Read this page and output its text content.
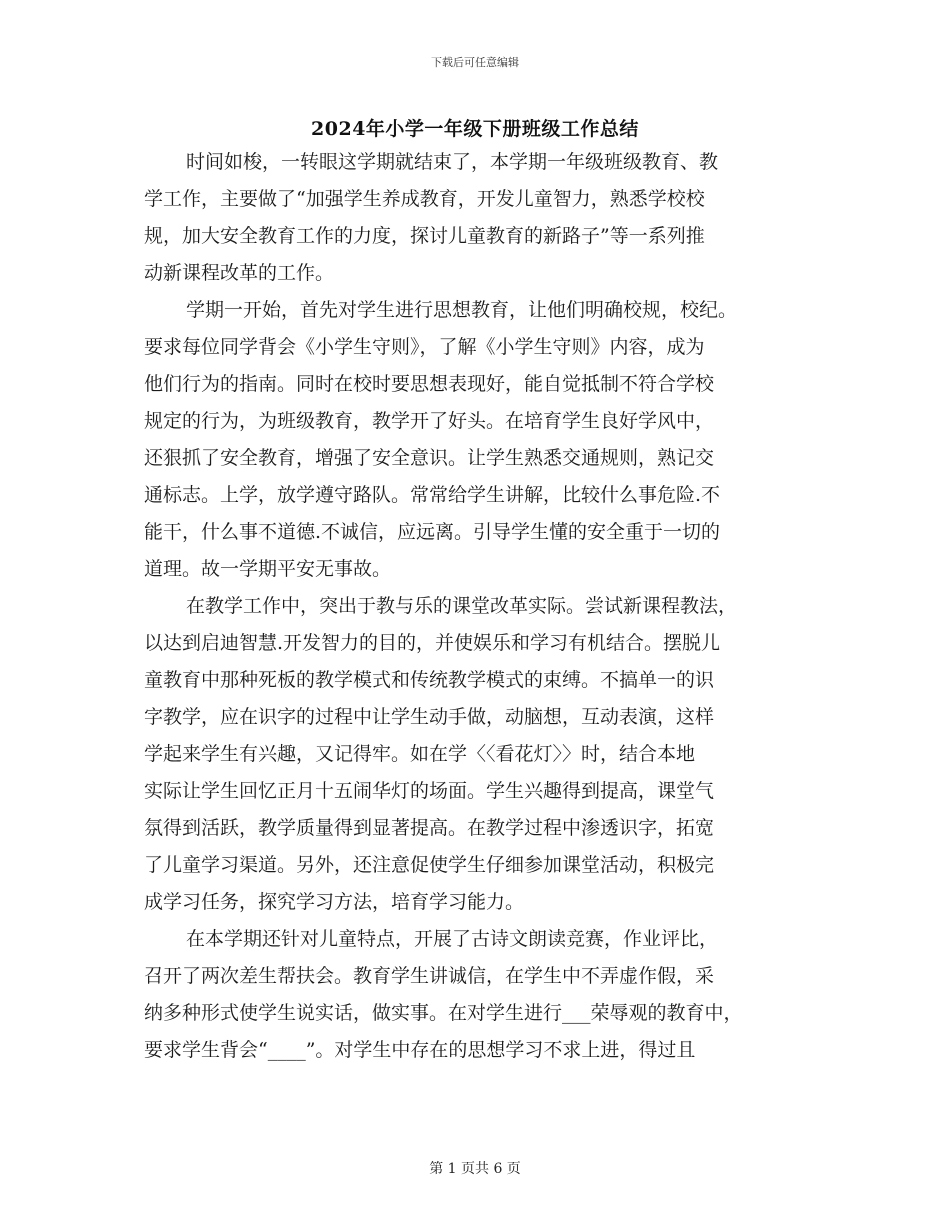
下载后可任意编辑
2024年小学一年级下册班级工作总结
时间如梭，一转眼这学期就结束了，本学期一年级班级教育、教
学工作，主要做了“加强学生养成教育，开发儿童智力，熟悉学校校
规，加大安全教育工作的力度，探讨儿童教育的新路子”等一系列推
动新课程改革的工作。
学期一开始，首先对学生进行思想教育，让他们明确校规，校纪。
要求每位同学背会《小学生守则》，了解《小学生守则》内容，成为
他们行为的指南。同时在校时要思想表现好，能自觉抵制不符合学校
规定的行为，为班级教育，教学开了好头。在培育学生良好学风中，
还狠抓了安全教育，增强了安全意识。让学生熟悉交通规则，熟记交
通标志。上学，放学遵守路队。常常给学生讲解，比较什么事危险.不
能干，什么事不道德.不诚信，应远离。引导学生懂的安全重于一切的
道理。故一学期平安无事故。
在教学工作中，突出于教与乐的课堂改革实际。尝试新课程教法，
以达到启迪智慧.开发智力的目的，并使娱乐和学习有机结合。摆脱儿
童教育中那种死板的教学模式和传统教学模式的束缚。不搞单一的识
字教学，应在识字的过程中让学生动手做，动脑想，互动表演，这样
学起来学生有兴趣，又记得牢。如在学〈〈看花灯〉〉时，结合本地
实际让学生回忆正月十五闹华灯的场面。学生兴趣得到提高，课堂气
氛得到活跃，教学质量得到显著提高。在教学过程中渗透识字，拓宽
了儿童学习渠道。另外，还注意促使学生仔细参加课堂活动，积极完
成学习任务，探究学习方法，培育学习能力。
在本学期还针对儿童特点，开展了古诗文朗读竞赛，作业评比，
召开了两次差生帮扶会。教育学生讲诚信，在学生中不弄虚作假，采
纳多种形式使学生说实话，做实事。在对学生进行___荣辱观的教育中，
要求学生背会“____”。对学生中存在的思想学习不求上进，得过且
第 1 页共 6 页
